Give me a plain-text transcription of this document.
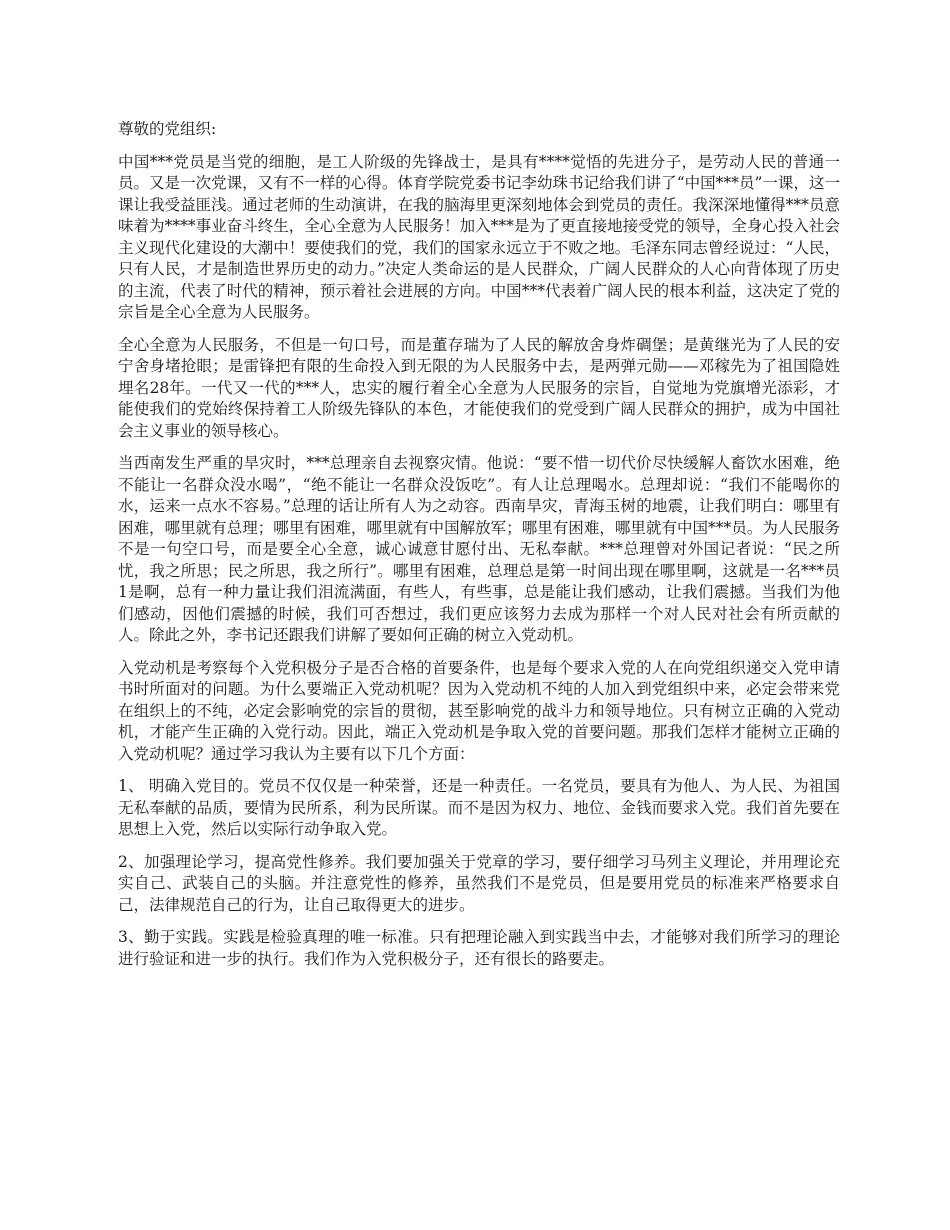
尊敬的党组织:

中国***党员是当党的细胞，是工人阶级的先锋战士，是具有****觉悟的先进分子，是劳动人民的普通一员。又是一次党课，又有不一样的心得。体育学院党委书记李幼珠书记给我们讲了“中国***员”一课，这一课让我受益匪浅。通过老师的生动演讲，在我的脑海里更深刻地体会到党员的责任。我深深地懂得***员意味着为****事业奋斗终生，全心全意为人民服务！加入***是为了更直接地接受党的领导，全身心投入社会主义现代化建设的大潮中！要使我们的党，我们的国家永远立于不败之地。毛泽东同志曾经说过：“人民，只有人民，才是制造世界历史的动力。”决定人类命运的是人民群众，广阔人民群众的人心向背体现了历史的主流，代表了时代的精神，预示着社会进展的方向。中国***代表着广阔人民的根本利益，这决定了党的宗旨是全心全意为人民服务。

全心全意为人民服务，不但是一句口号，而是董存瑞为了人民的解放舍身炸碉堡；是黄继光为了人民的安宁舍身堵抢眼；是雷锋把有限的生命投入到无限的为人民服务中去，是两弹元勋——邓稼先为了祖国隐姓埋名28年。一代又一代的***人，忠实的履行着全心全意为人民服务的宗旨，自觉地为党旗增光添彩，才能使我们的党始终保持着工人阶级先锋队的本色，才能使我们的党受到广阔人民群众的拥护，成为中国社会主义事业的领导核心。

当西南发生严重的旱灾时，***总理亲自去视察灾情。他说：“要不惜一切代价尽快缓解人畜饮水困难，绝不能让一名群众没水喝”，“绝不能让一名群众没饭吃”。有人让总理喝水。总理却说：“我们不能喝你的水，运来一点水不容易。”总理的话让所有人为之动容。西南旱灾，青海玉树的地震，让我们明白：哪里有困难，哪里就有总理；哪里有困难，哪里就有中国解放军；哪里有困难，哪里就有中国***员。为人民服务不是一句空口号，而是要全心全意，诚心诚意甘愿付出、无私奉献。***总理曾对外国记者说：“民之所忧，我之所思；民之所思，我之所行”。哪里有困难，总理总是第一时间出现在哪里啊，这就是一名***员1是啊，总有一种力量让我们泪流满面，有些人，有些事，总是能让我们感动，让我们震撼。当我们为他们感动，因他们震撼的时候，我们可否想过，我们更应该努力去成为那样一个对人民对社会有所贡献的人。除此之外，李书记还跟我们讲解了要如何正确的树立入党动机。

入党动机是考察每个入党积极分子是否合格的首要条件，也是每个要求入党的人在向党组织递交入党申请书时所面对的问题。为什么要端正入党动机呢？因为入党动机不纯的人加入到党组织中来，必定会带来党在组织上的不纯，必定会影响党的宗旨的贯彻，甚至影响党的战斗力和领导地位。只有树立正确的入党动机，才能产生正确的入党行动。因此，端正入党动机是争取入党的首要问题。那我们怎样才能树立正确的入党动机呢？通过学习我认为主要有以下几个方面：

1、 明确入党目的。党员不仅仅是一种荣誉，还是一种责任。一名党员，要具有为他人、为人民、为祖国无私奉献的品质，要情为民所系，利为民所谋。而不是因为权力、地位、金钱而要求入党。我们首先要在思想上入党，然后以实际行动争取入党。

2、加强理论学习，提高党性修养。我们要加强关于党章的学习，要仔细学习马列主义理论，并用理论充实自己、武装自己的头脑。并注意党性的修养，虽然我们不是党员，但是要用党员的标准来严格要求自己，法律规范自己的行为，让自己取得更大的进步。

3、勤于实践。实践是检验真理的唯一标准。只有把理论融入到实践当中去，才能够对我们所学习的理论进行验证和进一步的执行。我们作为入党积极分子，还有很长的路要走。
